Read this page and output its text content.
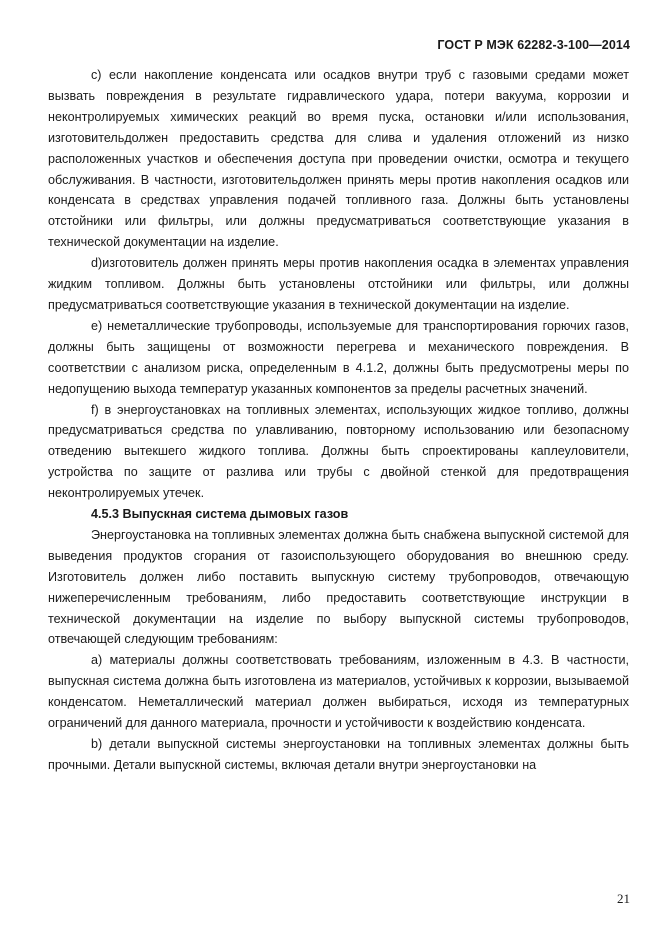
ГОСТ Р МЭК 62282-3-100—2014

c) если накопление конденсата или осадков внутри труб с газовыми средами может вызвать повреждения в результате гидравлического удара, потери вакуума, коррозии и неконтролируемых химических реакций во время пуска, остановки и/или использования, изготовительдолжен предоставить средства для слива и удаления отложений из низко расположенных участков и обеспечения доступа при проведении очистки, осмотра и текущего обслуживания. В частности, изготовительдолжен принять меры против накопления осадков или конденсата в средствах управления подачей топливного газа. Должны быть установлены отстойники или фильтры, или должны предусматриваться соответствующие указания в технической документации на изделие.

d)изготовитель должен принять меры против накопления осадка в элементах управления жидким топливом. Должны быть установлены отстойники или фильтры, или должны предусматриваться соответствующие указания в технической документации на изделие.

e) неметаллические трубопроводы, используемые для транспортирования горючих газов, должны быть защищены от возможности перегрева и механического повреждения. В соответствии с анализом риска, определенным в 4.1.2, должны быть предусмотрены меры по недопущению выхода температур указанных компонентов за пределы расчетных значений.

f) в энергоустановках на топливных элементах, использующих жидкое топливо, должны предусматриваться средства по улавливанию, повторному использованию или безопасному отведению вытекшего жидкого топлива. Должны быть спроектированы каплеуловители, устройства по защите от разлива или трубы с двойной стенкой для предотвращения неконтролируемых утечек.

4.5.3 Выпускная система дымовых газов

Энергоустановка на топливных элементах должна быть снабжена выпускной системой для выведения продуктов сгорания от газоиспользующего оборудования во внешнюю среду. Изготовитель должен либо поставить выпускную систему трубопроводов, отвечающую нижеперечисленным требованиям, либо предоставить соответствующие инструкции в технической документации на изделие по выбору выпускной системы трубопроводов, отвечающей следующим требованиям:

a) материалы должны соответствовать требованиям, изложенным в 4.3. В частности, выпускная система должна быть изготовлена из материалов, устойчивых к коррозии, вызываемой конденсатом. Неметаллический материал должен выбираться, исходя из температурных ограничений для данного материала, прочности и устойчивости к воздействию конденсата.

b) детали выпускной системы энергоустановки на топливных элементах должны быть прочными. Детали выпускной системы, включая детали внутри энергоустановки на

21
